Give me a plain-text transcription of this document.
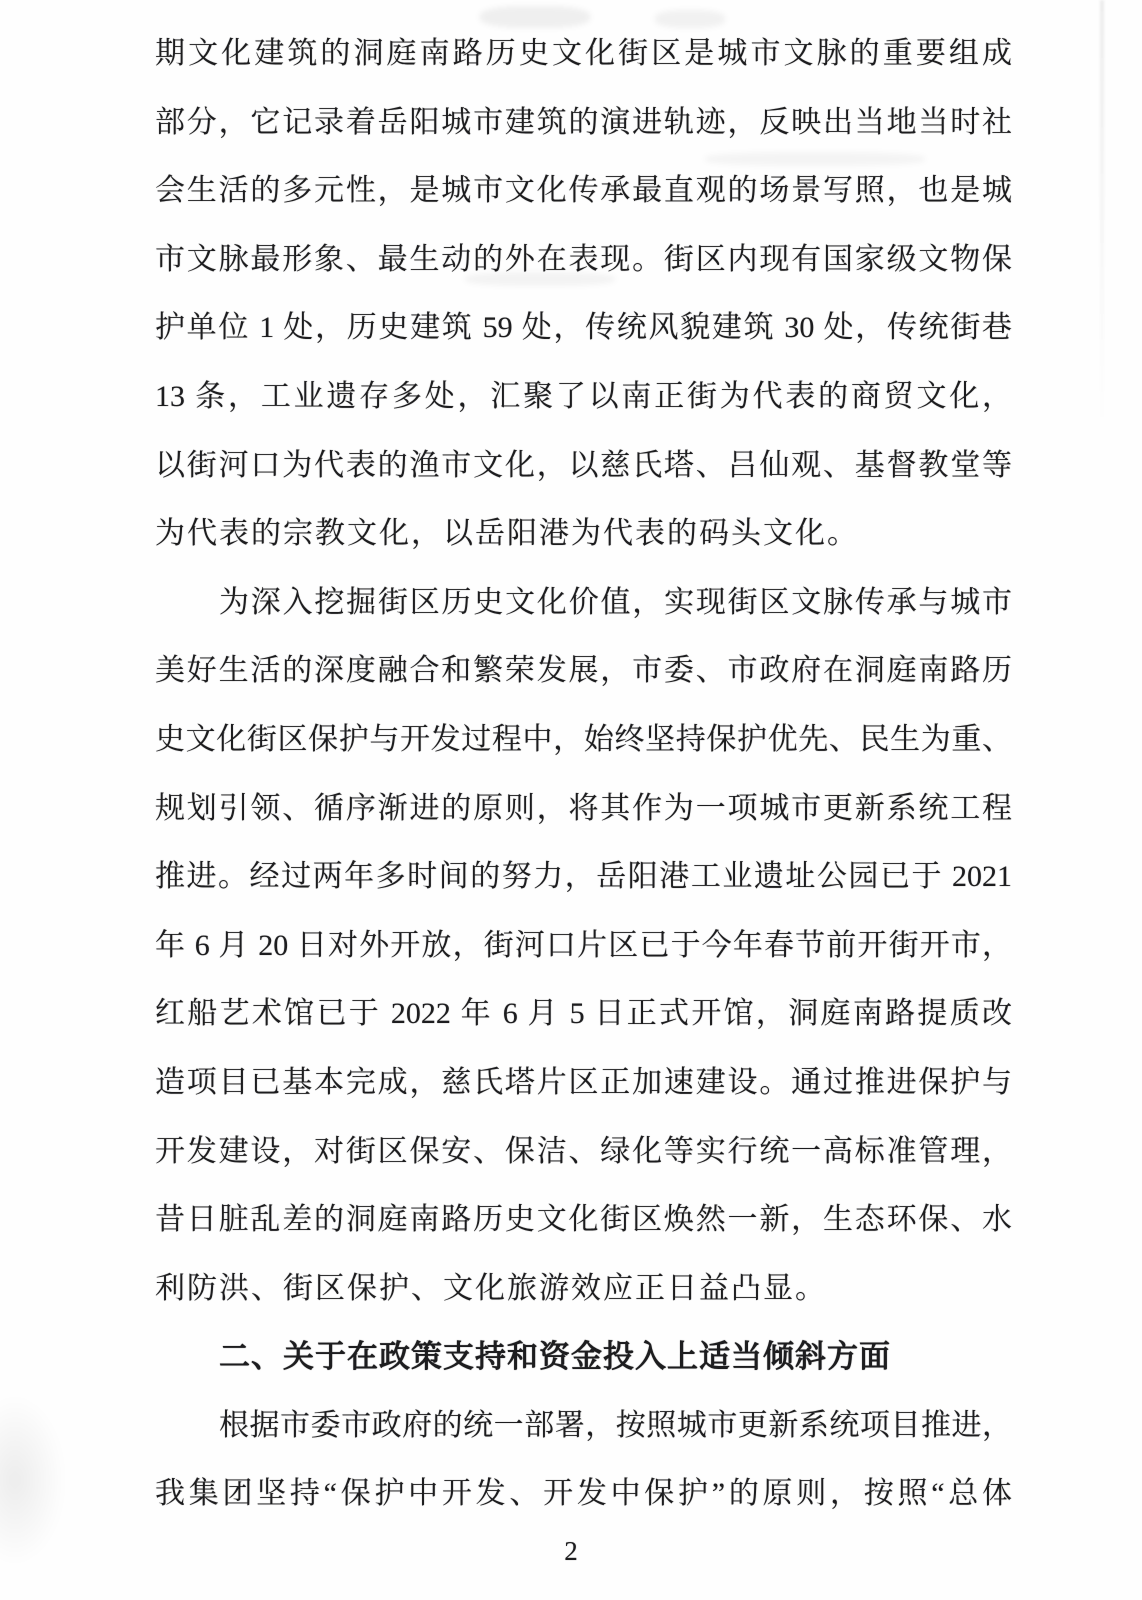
期文化建筑的洞庭南路历史文化街区是城市文脉的重要组成
部分，它记录着岳阳城市建筑的演进轨迹，反映出当地当时社
会生活的多元性，是城市文化传承最直观的场景写照，也是城
市文脉最形象、最生动的外在表现。街区内现有国家级文物保
护单位 1 处，历史建筑 59 处，传统风貌建筑 30 处，传统街巷
13 条，工业遗存多处，汇聚了以南正街为代表的商贸文化，
以街河口为代表的渔市文化，以慈氏塔、吕仙观、基督教堂等
为代表的宗教文化，以岳阳港为代表的码头文化。
为深入挖掘街区历史文化价值，实现街区文脉传承与城市
美好生活的深度融合和繁荣发展，市委、市政府在洞庭南路历
史文化街区保护与开发过程中，始终坚持保护优先、民生为重、
规划引领、循序渐进的原则，将其作为一项城市更新系统工程
推进。经过两年多时间的努力，岳阳港工业遗址公园已于 2021
年 6 月 20 日对外开放，街河口片区已于今年春节前开街开市，
红船艺术馆已于 2022 年 6 月 5 日正式开馆，洞庭南路提质改
造项目已基本完成，慈氏塔片区正加速建设。通过推进保护与
开发建设，对街区保安、保洁、绿化等实行统一高标准管理，
昔日脏乱差的洞庭南路历史文化街区焕然一新，生态环保、水
利防洪、街区保护、文化旅游效应正日益凸显。
二、关于在政策支持和资金投入上适当倾斜方面
根据市委市政府的统一部署，按照城市更新系统项目推进，
我集团坚持“保护中开发、开发中保护”的原则，按照“总体
2
